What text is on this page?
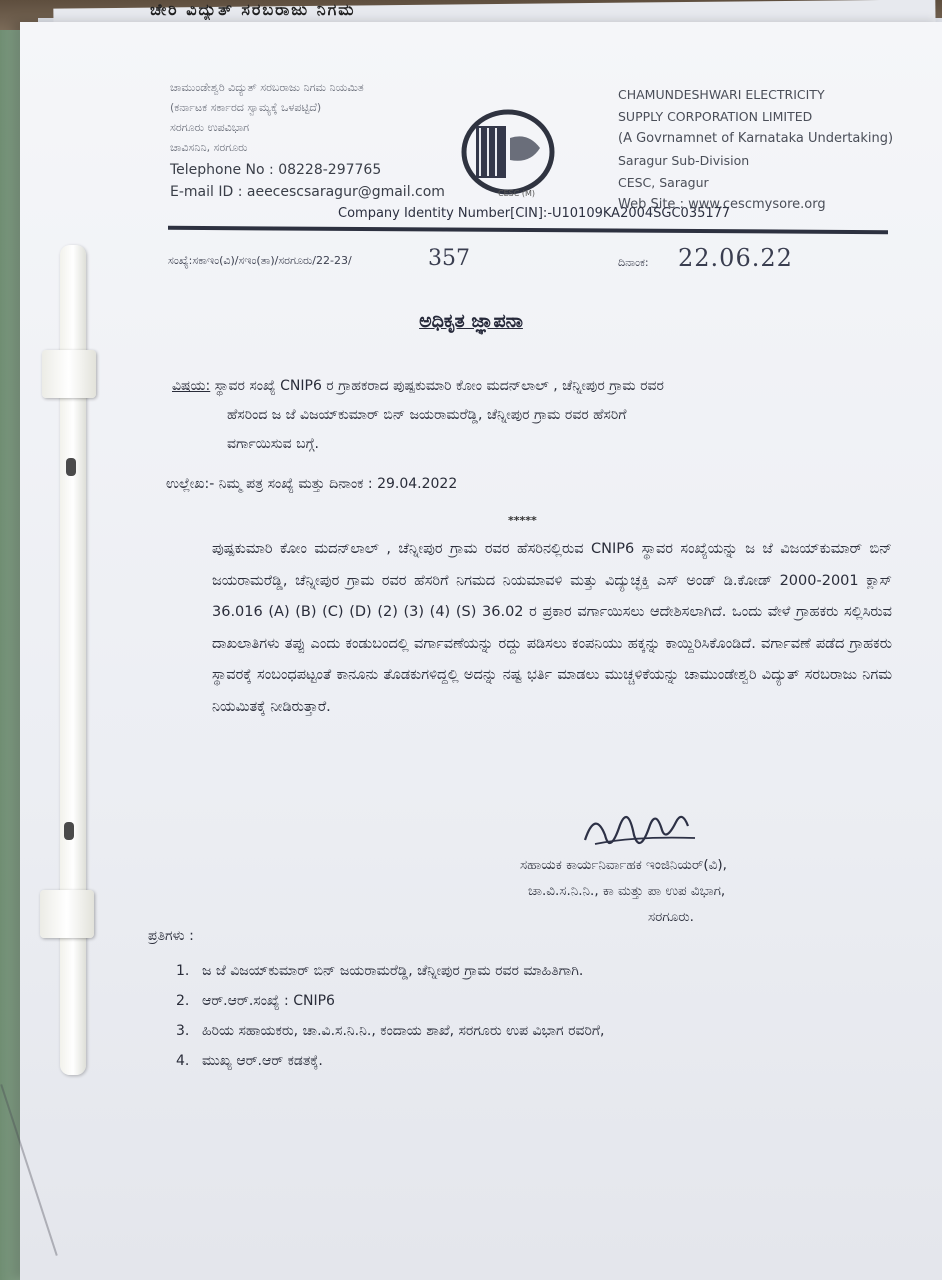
ಚೇರಿ ವಿದ್ಯುತ್ ಸರಬರಾಜು ನಿಗಮ
ಚಾಮುಂಡೇಶ್ವರಿ ವಿದ್ಯುತ್ ಸರಬರಾಜು ನಿಗಮ ನಿಯಮಿತ
(ಕರ್ನಾಟಕ ಸರ್ಕಾರದ ಸ್ವಾಮ್ಯಕ್ಕೆ ಒಳಪಟ್ಟಿದೆ)
ಸರಗೂರು ಉಪವಿಭಾಗ
ಚಾವಿಸನಿನಿ, ಸರಗೂರು
Telephone No : 08228-297765
E-mail ID : aeecescsaragur@gmail.com	CESC (M)
CHAMUNDESHWARI ELECTRICITY
SUPPLY CORPORATION LIMITED
(A Govrnamnet of Karnataka Undertaking)
Saragur Sub-Division
CESC, Saragur
Web Site : www.cescmysore.org
Company Identity Number[CIN]:-U10109KA2004SGC035177
ಸಂಖ್ಯೆ:ಸಕಾಇಂ(ವಿ)/ಸಇಂ(ತಾ)/ಸರಗೂರು/22-23/	357	ದಿನಾಂಕ: 22.06.22
ಅಧಿಕೃತ ಜ್ಞಾಪನಾ
ವಿಷಯ: ಸ್ಥಾವರ ಸಂಖ್ಯೆ CNIP6 ರ ಗ್ರಾಹಕರಾದ ಪುಷ್ಪಕುಮಾರಿ ಕೋಂ ಮದನ್‌ಲಾಲ್ , ಚೆನ್ನೀಪುರ ಗ್ರಾಮ ರವರ
ಹೆಸರಿಂದ ಜ ಜೆ ವಿಜಯ್‌ಕುಮಾರ್ ಬಿನ್ ಜಯರಾಮರೆಡ್ಡಿ, ಚೆನ್ನೀಪುರ ಗ್ರಾಮ ರವರ ಹೆಸರಿಗೆ
ವರ್ಗಾಯಿಸುವ ಬಗ್ಗೆ.
ಉಲ್ಲೇಖ:- ನಿಮ್ಮ ಪತ್ರ ಸಂಖ್ಯೆ ಮತ್ತು ದಿನಾಂಕ : 29.04.2022
*****

ಪುಷ್ಪಕುಮಾರಿ ಕೋಂ ಮದನ್‌ಲಾಲ್ , ಚೆನ್ನೀಪುರ ಗ್ರಾಮ ರವರ ಹೆಸರಿನಲ್ಲಿರುವ CNIP6 ಸ್ಥಾವರ ಸಂಖ್ಯೆಯನ್ನು ಜ ಜೆ ವಿಜಯ್‌ಕುಮಾರ್ ಬಿನ್ ಜಯರಾಮರೆಡ್ಡಿ, ಚೆನ್ನೀಪುರ ಗ್ರಾಮ ರವರ ಹೆಸರಿಗೆ ನಿಗಮದ ನಿಯಮಾವಳಿ ಮತ್ತು ವಿದ್ಯುಚ್ಛಕ್ತಿ ಎಸ್ ಅಂಡ್ ಡಿ.ಕೋಡ್ 2000-2001 ಕ್ಲಾಸ್ 36.016 (A) (B) (C) (D) (2) (3) (4) (S) 36.02 ರ ಪ್ರಕಾರ ವರ್ಗಾಯಿಸಲು ಆದೇಶಿಸಲಾಗಿದೆ. ಒಂದು ವೇಳೆ ಗ್ರಾಹಕರು ಸಲ್ಲಿಸಿರುವ ದಾಖಲಾತಿಗಳು ತಪ್ಪು ಎಂದು ಕಂಡುಬಂದಲ್ಲಿ ವರ್ಗಾವಣೆಯನ್ನು ರದ್ದು ಪಡಿಸಲು ಕಂಪನಿಯು ಹಕ್ಕನ್ನು ಕಾಯ್ದಿರಿಸಿಕೊಂಡಿದೆ. ವರ್ಗಾವಣೆ ಪಡೆದ ಗ್ರಾಹಕರು ಸ್ಥಾವರಕ್ಕೆ ಸಂಬಂಧಪಟ್ಟಂತೆ ಕಾನೂನು ತೊಡಕುಗಳಿದ್ದಲ್ಲಿ ಅದನ್ನು ನಷ್ಟ ಭರ್ತಿ ಮಾಡಲು ಮುಚ್ಚಳಿಕೆಯನ್ನು ಚಾಮುಂಡೇಶ್ವರಿ ವಿದ್ಯುತ್ ಸರಬರಾಜು ನಿಗಮ ನಿಯಮಿತಕ್ಕೆ ನೀಡಿರುತ್ತಾರೆ.

ಸಹಾಯಕ ಕಾರ್ಯನಿರ್ವಾಹಕ ಇಂಜಿನಿಯರ್(ವಿ),
ಚಾ.ವಿ.ಸ.ನಿ.ನಿ., ಕಾ ಮತ್ತು ಪಾ ಉಪ ವಿಭಾಗ,
ಸರಗೂರು.
ಪ್ರತಿಗಳು :
1. ಜ ಜೆ ವಿಜಯ್‌ಕುಮಾರ್ ಬಿನ್ ಜಯರಾಮರೆಡ್ಡಿ, ಚೆನ್ನೀಪುರ ಗ್ರಾಮ ರವರ ಮಾಹಿತಿಗಾಗಿ.
2. ಆರ್.ಆರ್.ಸಂಖ್ಯೆ : CNIP6
3. ಹಿರಿಯ ಸಹಾಯಕರು, ಚಾ.ವಿ.ಸ.ನಿ.ನಿ., ಕಂದಾಯ ಶಾಖೆ, ಸರಗೂರು ಉಪ ವಿಭಾಗ ರವರಿಗೆ,
4. ಮುಖ್ಯ ಆರ್.ಆರ್ ಕಡತಕ್ಕೆ.
